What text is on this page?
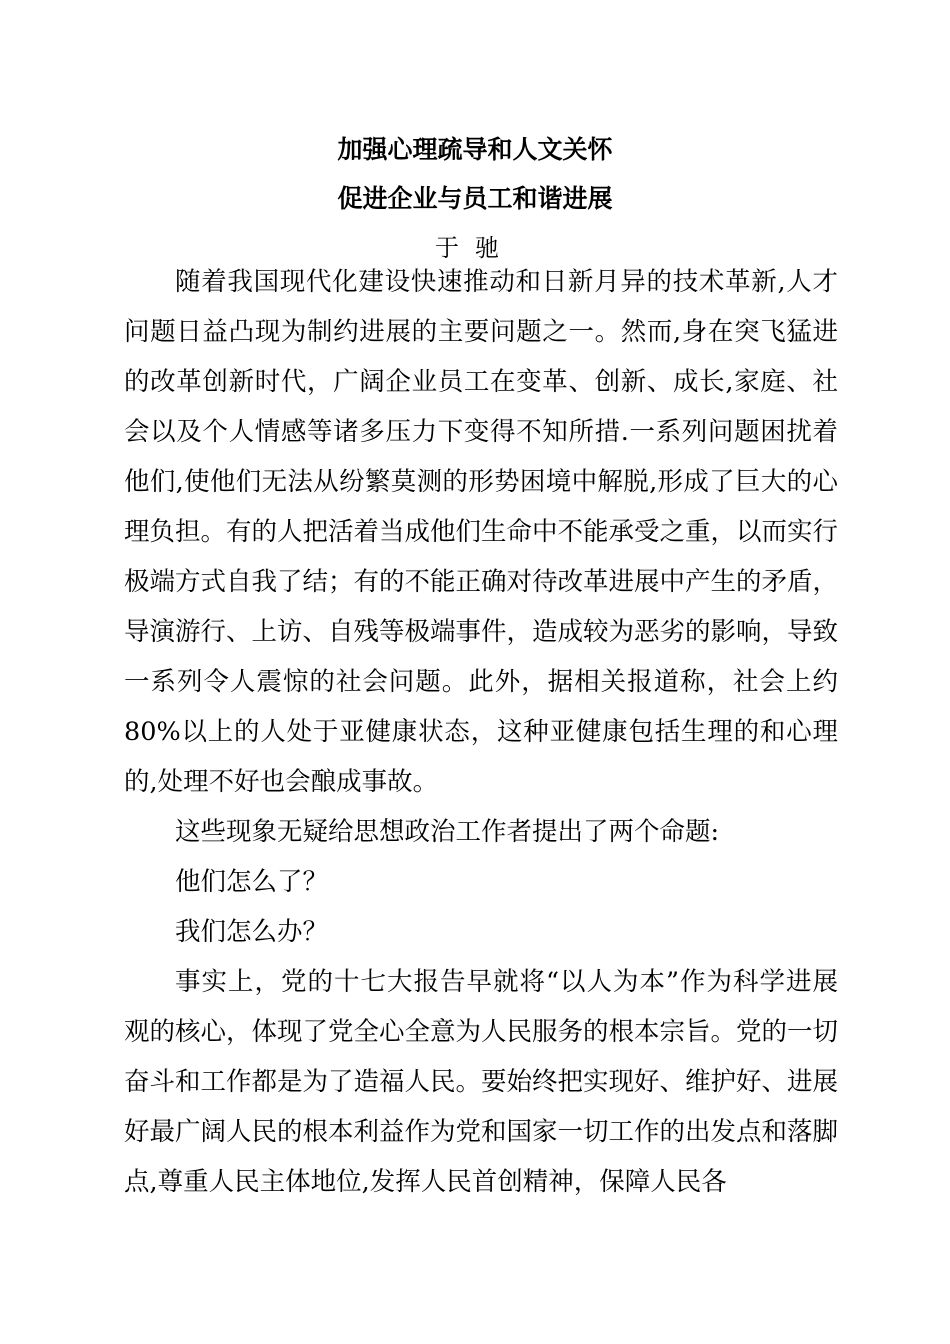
加强心理疏导和人文关怀
促进企业与员工和谐进展
于驰

随着我国现代化建设快速推动和日新月异的技术革新,人才问题日益凸现为制约进展的主要问题之一。然而,身在突飞猛进的改革创新时代，广阔企业员工在变革、创新、成长,家庭、社会以及个人情感等诸多压力下变得不知所措.一系列问题困扰着他们,使他们无法从纷繁莫测的形势困境中解脱,形成了巨大的心理负担。有的人把活着当成他们生命中不能承受之重，以而实行极端方式自我了结；有的不能正确对待改革进展中产生的矛盾，导演游行、上访、自残等极端事件，造成较为恶劣的影响，导致一系列令人震惊的社会问题。此外，据相关报道称，社会上约80%以上的人处于亚健康状态，这种亚健康包括生理的和心理的,处理不好也会酿成事故。

这些现象无疑给思想政治工作者提出了两个命题:

他们怎么了？

我们怎么办？

事实上，党的十七大报告早就将“以人为本”作为科学进展观的核心，体现了党全心全意为人民服务的根本宗旨。党的一切奋斗和工作都是为了造福人民。要始终把实现好、维护好、进展好最广阔人民的根本利益作为党和国家一切工作的出发点和落脚点,尊重人民主体地位,发挥人民首创精神，保障人民各
